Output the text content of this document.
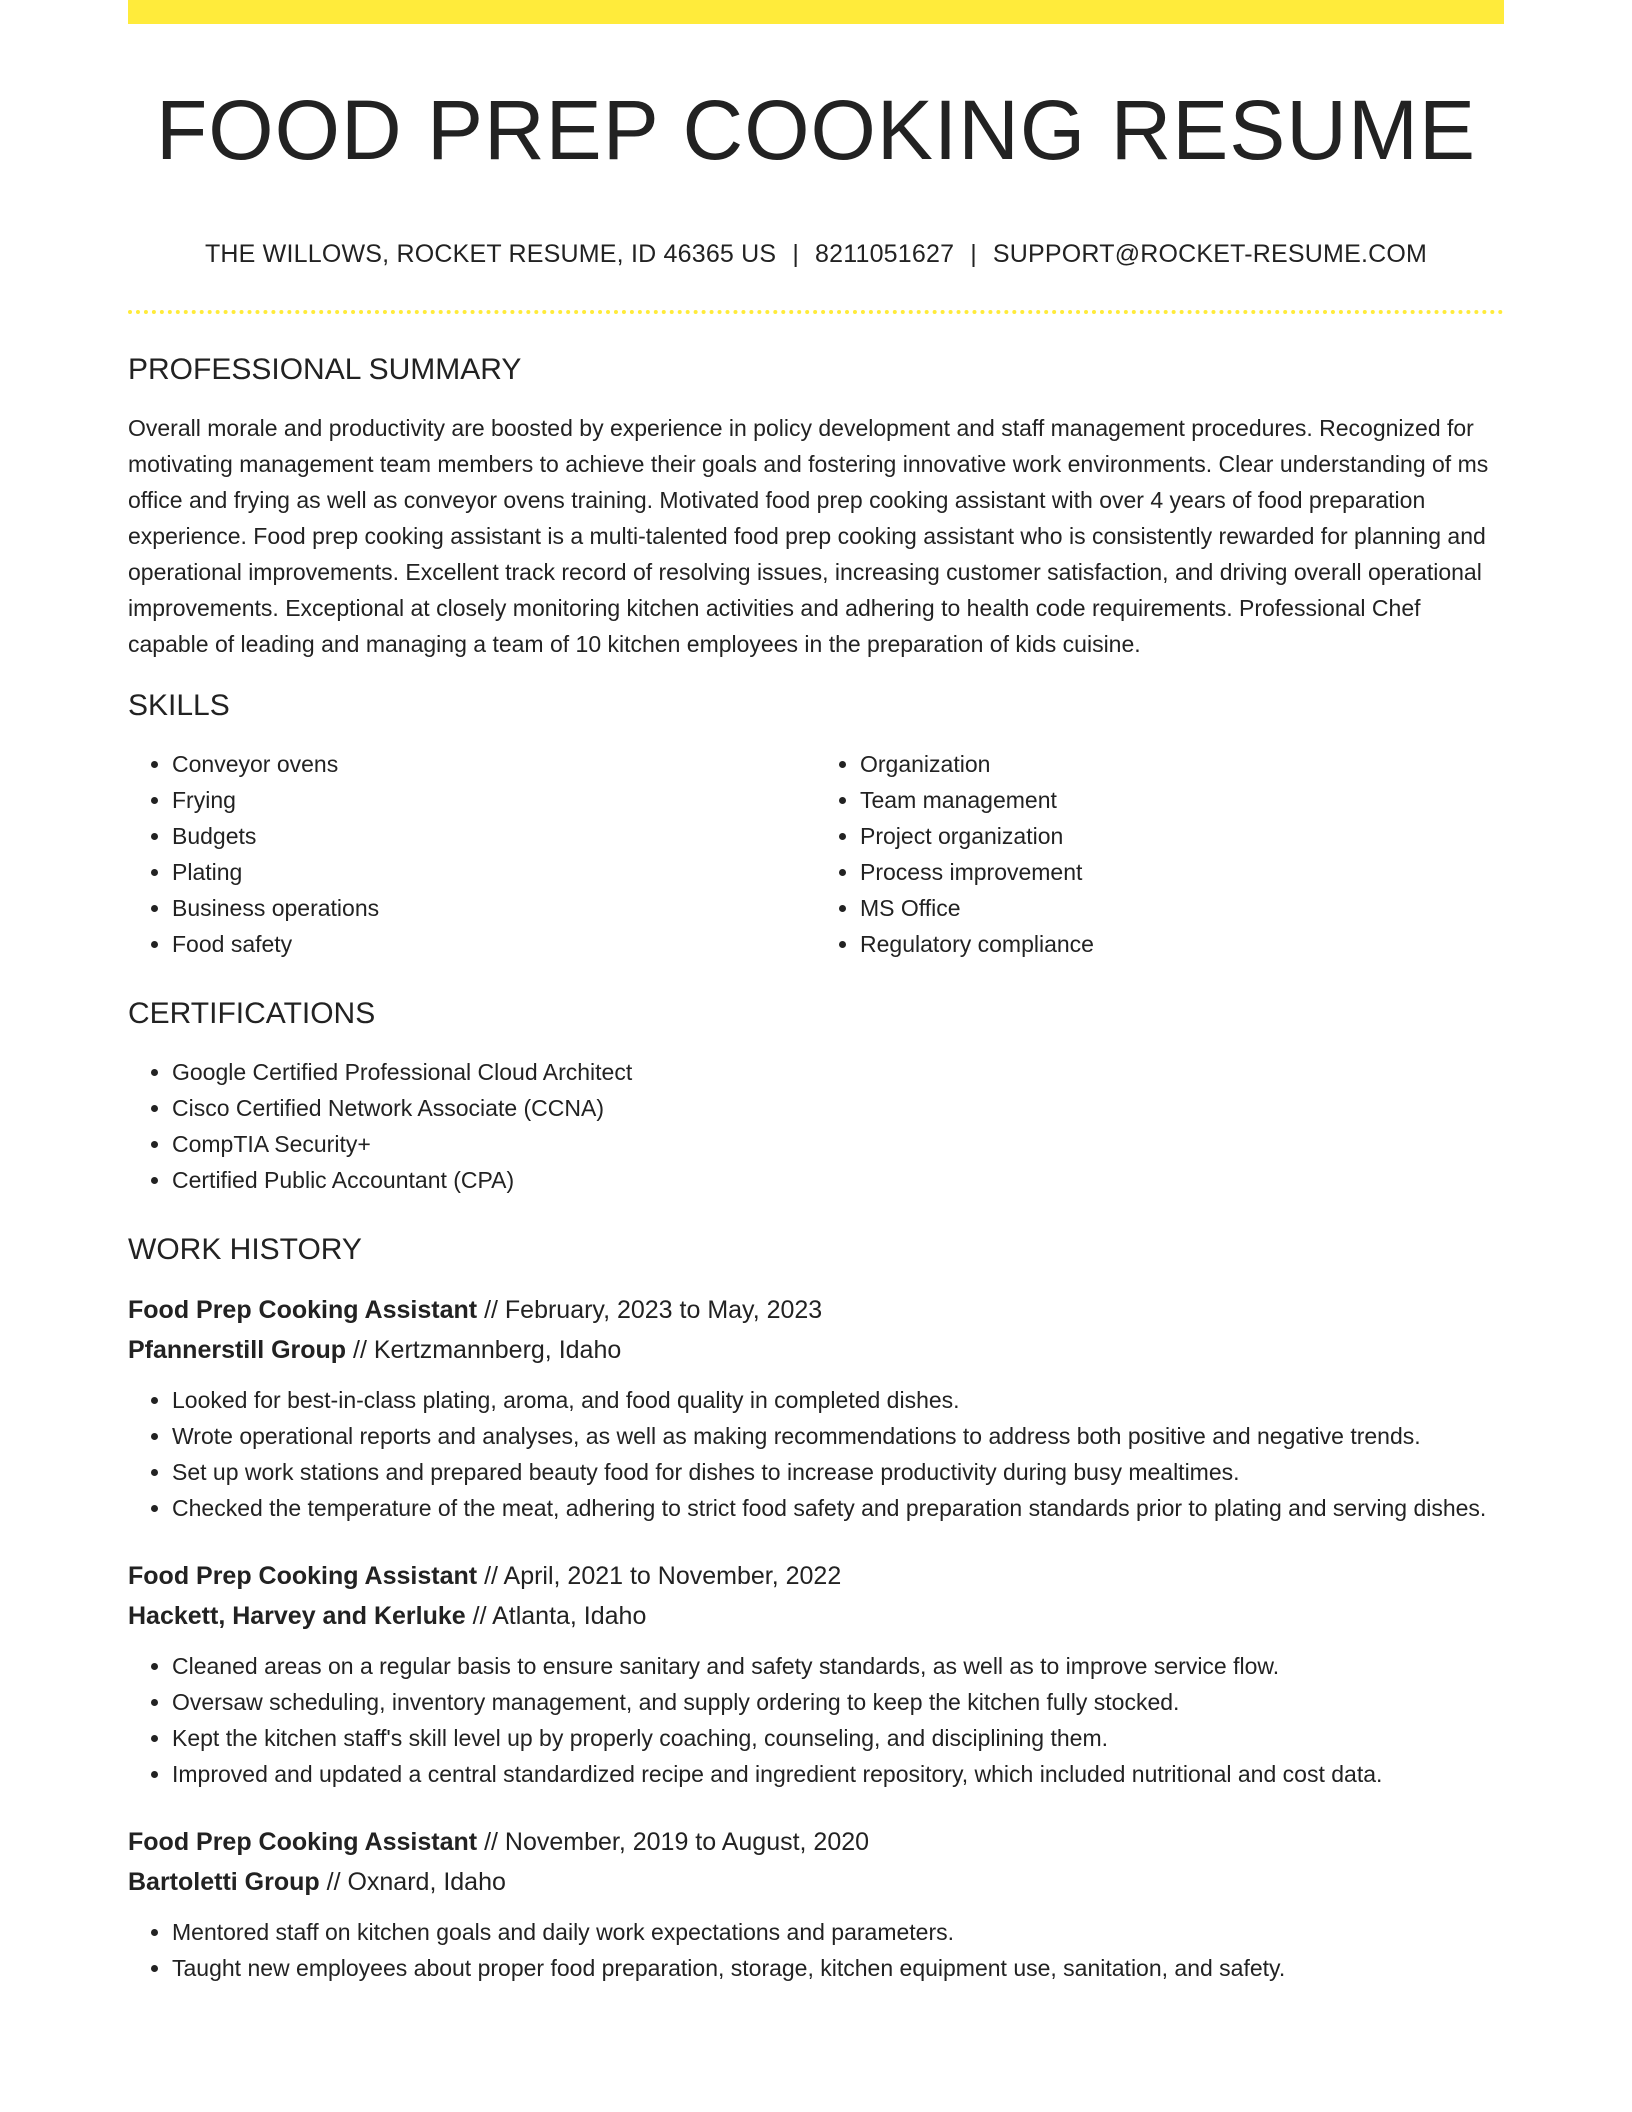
FOOD PREP COOKING RESUME
THE WILLOWS, ROCKET RESUME, ID 46365 US | 8211051627 | SUPPORT@ROCKET-RESUME.COM
PROFESSIONAL SUMMARY

Overall morale and productivity are boosted by experience in policy development and staff management procedures. Recognized for motivating management team members to achieve their goals and fostering innovative work environments. Clear understanding of ms office and frying as well as conveyor ovens training. Motivated food prep cooking assistant with over 4 years of food preparation experience. Food prep cooking assistant is a multi-talented food prep cooking assistant who is consistently rewarded for planning and operational improvements. Excellent track record of resolving issues, increasing customer satisfaction, and driving overall operational improvements. Exceptional at closely monitoring kitchen activities and adhering to health code requirements. Professional Chef capable of leading and managing a team of 10 kitchen employees in the preparation of kids cuisine.

SKILLS
• Conveyor ovens
• Frying
• Budgets
• Plating
• Business operations
• Food safety
• Organization
• Team management
• Project organization
• Process improvement
• MS Office
• Regulatory compliance
CERTIFICATIONS
• Google Certified Professional Cloud Architect
• Cisco Certified Network Associate (CCNA)
• CompTIA Security+
• Certified Public Accountant (CPA)
WORK HISTORY
Food Prep Cooking Assistant // February, 2023 to May, 2023
Pfannerstill Group // Kertzmannberg, Idaho
• Looked for best-in-class plating, aroma, and food quality in completed dishes.
• Wrote operational reports and analyses, as well as making recommendations to address both positive and negative trends.
• Set up work stations and prepared beauty food for dishes to increase productivity during busy mealtimes.
• Checked the temperature of the meat, adhering to strict food safety and preparation standards prior to plating and serving dishes.
Food Prep Cooking Assistant // April, 2021 to November, 2022
Hackett, Harvey and Kerluke // Atlanta, Idaho
• Cleaned areas on a regular basis to ensure sanitary and safety standards, as well as to improve service flow.
• Oversaw scheduling, inventory management, and supply ordering to keep the kitchen fully stocked.
• Kept the kitchen staff's skill level up by properly coaching, counseling, and disciplining them.
• Improved and updated a central standardized recipe and ingredient repository, which included nutritional and cost data.
Food Prep Cooking Assistant // November, 2019 to August, 2020
Bartoletti Group // Oxnard, Idaho
• Mentored staff on kitchen goals and daily work expectations and parameters.
• Taught new employees about proper food preparation, storage, kitchen equipment use, sanitation, and safety.
